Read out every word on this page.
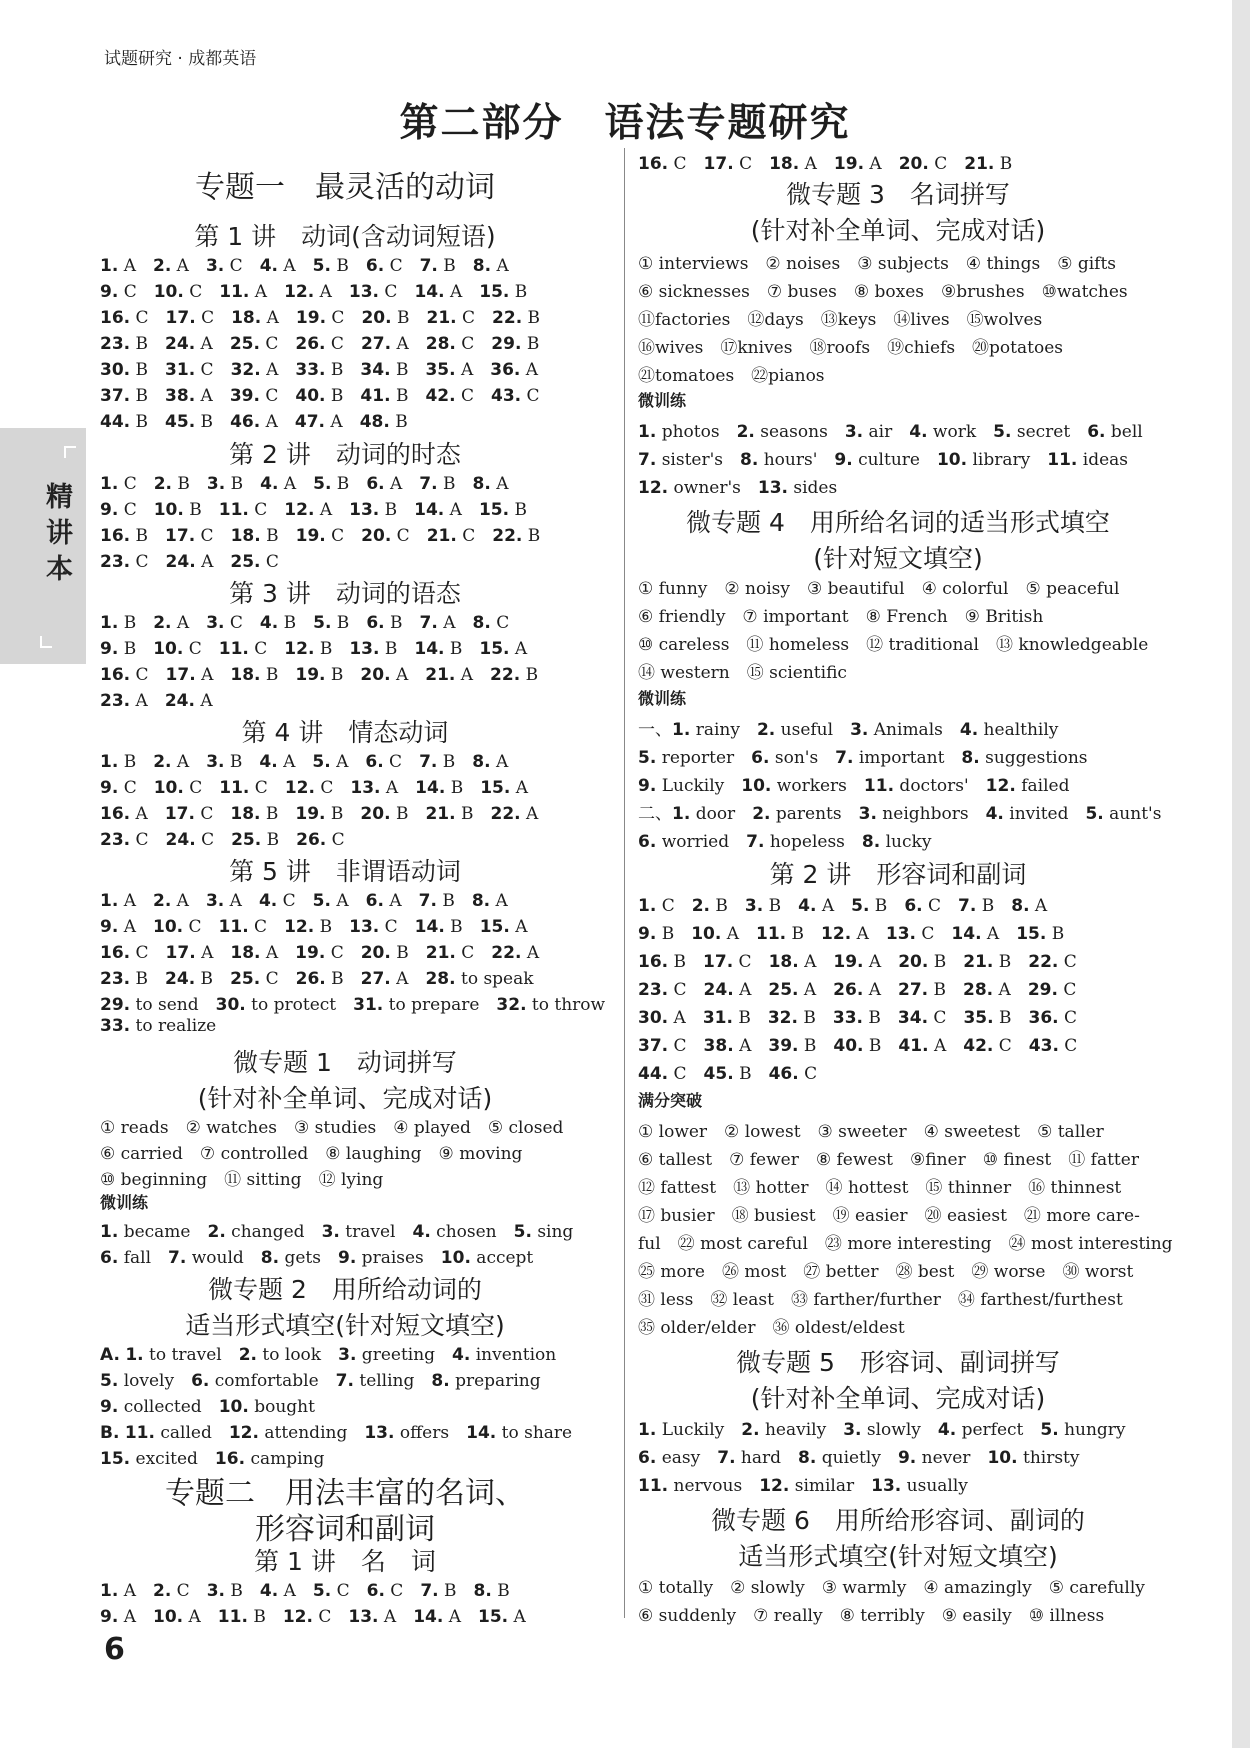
试题研究 · 成都英语
第二部分　语法专题研究
精讲本
专题一　最灵活的动词
第 1 讲　动词(含动词短语)
1. A　2. A　3. C　4. A　5. B　6. C　7. B　8. A
9. C　10. C　11. A　12. A　13. C　14. A　15. B
16. C　17. C　18. A　19. C　20. B　21. C　22. B
23. B　24. A　25. C　26. C　27. A　28. C　29. B
30. B　31. C　32. A　33. B　34. B　35. A　36. A
37. B　38. A　39. C　40. B　41. B　42. C　43. C
44. B　45. B　46. A　47. A　48. B
第 2 讲　动词的时态
1. C　2. B　3. B　4. A　5. B　6. A　7. B　8. A
9. C　10. B　11. C　12. A　13. B　14. A　15. B
16. B　17. C　18. B　19. C　20. C　21. C　22. B
23. C　24. A　25. C
第 3 讲　动词的语态
1. B　2. A　3. C　4. B　5. B　6. B　7. A　8. C
9. B　10. C　11. C　12. B　13. B　14. B　15. A
16. C　17. A　18. B　19. B　20. A　21. A　22. B
23. A　24. A
第 4 讲　情态动词
1. B　2. A　3. B　4. A　5. A　6. C　7. B　8. A
9. C　10. C　11. C　12. C　13. A　14. B　15. A
16. A　17. C　18. B　19. B　20. B　21. B　22. A
23. C　24. C　25. B　26. C
第 5 讲　非谓语动词
1. A　2. A　3. A　4. C　5. A　6. A　7. B　8. A
9. A　10. C　11. C　12. B　13. C　14. B　15. A
16. C　17. A　18. A　19. C　20. B　21. C　22. A
23. B　24. B　25. C　26. B　27. A　28. to speak
29. to send　30. to protect　31. to prepare　32. to throw
33. to realize
微专题 1　动词拼写
(针对补全单词、完成对话)
① reads　② watches　③ studies　④ played　⑤ closed
⑥ carried　⑦ controlled　⑧ laughing　⑨ moving
⑩ beginning　⑪ sitting　⑫ lying
微训练
1. became　2. changed　3. travel　4. chosen　5. sing
6. fall　7. would　8. gets　9. praises　10. accept
微专题 2　用所给动词的
适当形式填空(针对短文填空)
A. 1. to travel　2. to look　3. greeting　4. invention
5. lovely　6. comfortable　7. telling　8. preparing
9. collected　10. bought
B. 11. called　12. attending　13. offers　14. to share
15. excited　16. camping
专题二　用法丰富的名词、
形容词和副词
第 1 讲　名　词
1. A　2. C　3. B　4. A　5. C　6. C　7. B　8. B
9. A　10. A　11. B　12. C　13. A　14. A　15. A
16. C　17. C　18. A　19. A　20. C　21. B
微专题 3　名词拼写
(针对补全单词、完成对话)
① interviews　② noises　③ subjects　④ things　⑤ gifts
⑥ sicknesses　⑦ buses　⑧ boxes　⑨brushes　⑩watches
⑪factories　⑫days　⑬keys　⑭lives　⑮wolves
⑯wives　⑰knives　⑱roofs　⑲chiefs　⑳potatoes
㉑tomatoes　㉒pianos
微训练
1. photos　2. seasons　3. air　4. work　5. secret　6. bell
7. sister's　8. hours'　9. culture　10. library　11. ideas
12. owner's　13. sides
微专题 4　用所给名词的适当形式填空
(针对短文填空)
① funny　② noisy　③ beautiful　④ colorful　⑤ peaceful
⑥ friendly　⑦ important　⑧ French　⑨ British
⑩ careless　⑪ homeless　⑫ traditional　⑬ knowledgeable
⑭ western　⑮ scientific
微训练
一、1. rainy　2. useful　3. Animals　4. healthily
5. reporter　6. son's　7. important　8. suggestions
9. Luckily　10. workers　11. doctors'　12. failed
二、1. door　2. parents　3. neighbors　4. invited　5. aunt's
6. worried　7. hopeless　8. lucky
第 2 讲　形容词和副词
1. C　2. B　3. B　4. A　5. B　6. C　7. B　8. A
9. B　10. A　11. B　12. A　13. C　14. A　15. B
16. B　17. C　18. A　19. A　20. B　21. B　22. C
23. C　24. A　25. A　26. A　27. B　28. A　29. C
30. A　31. B　32. B　33. B　34. C　35. B　36. C
37. C　38. A　39. B　40. B　41. A　42. C　43. C
44. C　45. B　46. C
满分突破
① lower　② lowest　③ sweeter　④ sweetest　⑤ taller
⑥ tallest　⑦ fewer　⑧ fewest　⑨finer　⑩ finest　⑪ fatter
⑫ fattest　⑬ hotter　⑭ hottest　⑮ thinner　⑯ thinnest
⑰ busier　⑱ busiest　⑲ easier　⑳ easiest　㉑ more care-
ful　㉒ most careful　㉓ more interesting　㉔ most interesting
㉕ more　㉖ most　㉗ better　㉘ best　㉙ worse　㉚ worst
㉛ less　㉜ least　㉝ farther/further　㉞ farthest/furthest
㉟ older/elder　㊱ oldest/eldest
微专题 5　形容词、副词拼写
(针对补全单词、完成对话)
1. Luckily　2. heavily　3. slowly　4. perfect　5. hungry
6. easy　7. hard　8. quietly　9. never　10. thirsty
11. nervous　12. similar　13. usually
微专题 6　用所给形容词、副词的
适当形式填空(针对短文填空)
① totally　② slowly　③ warmly　④ amazingly　⑤ carefully
⑥ suddenly　⑦ really　⑧ terribly　⑨ easily　⑩ illness
6
